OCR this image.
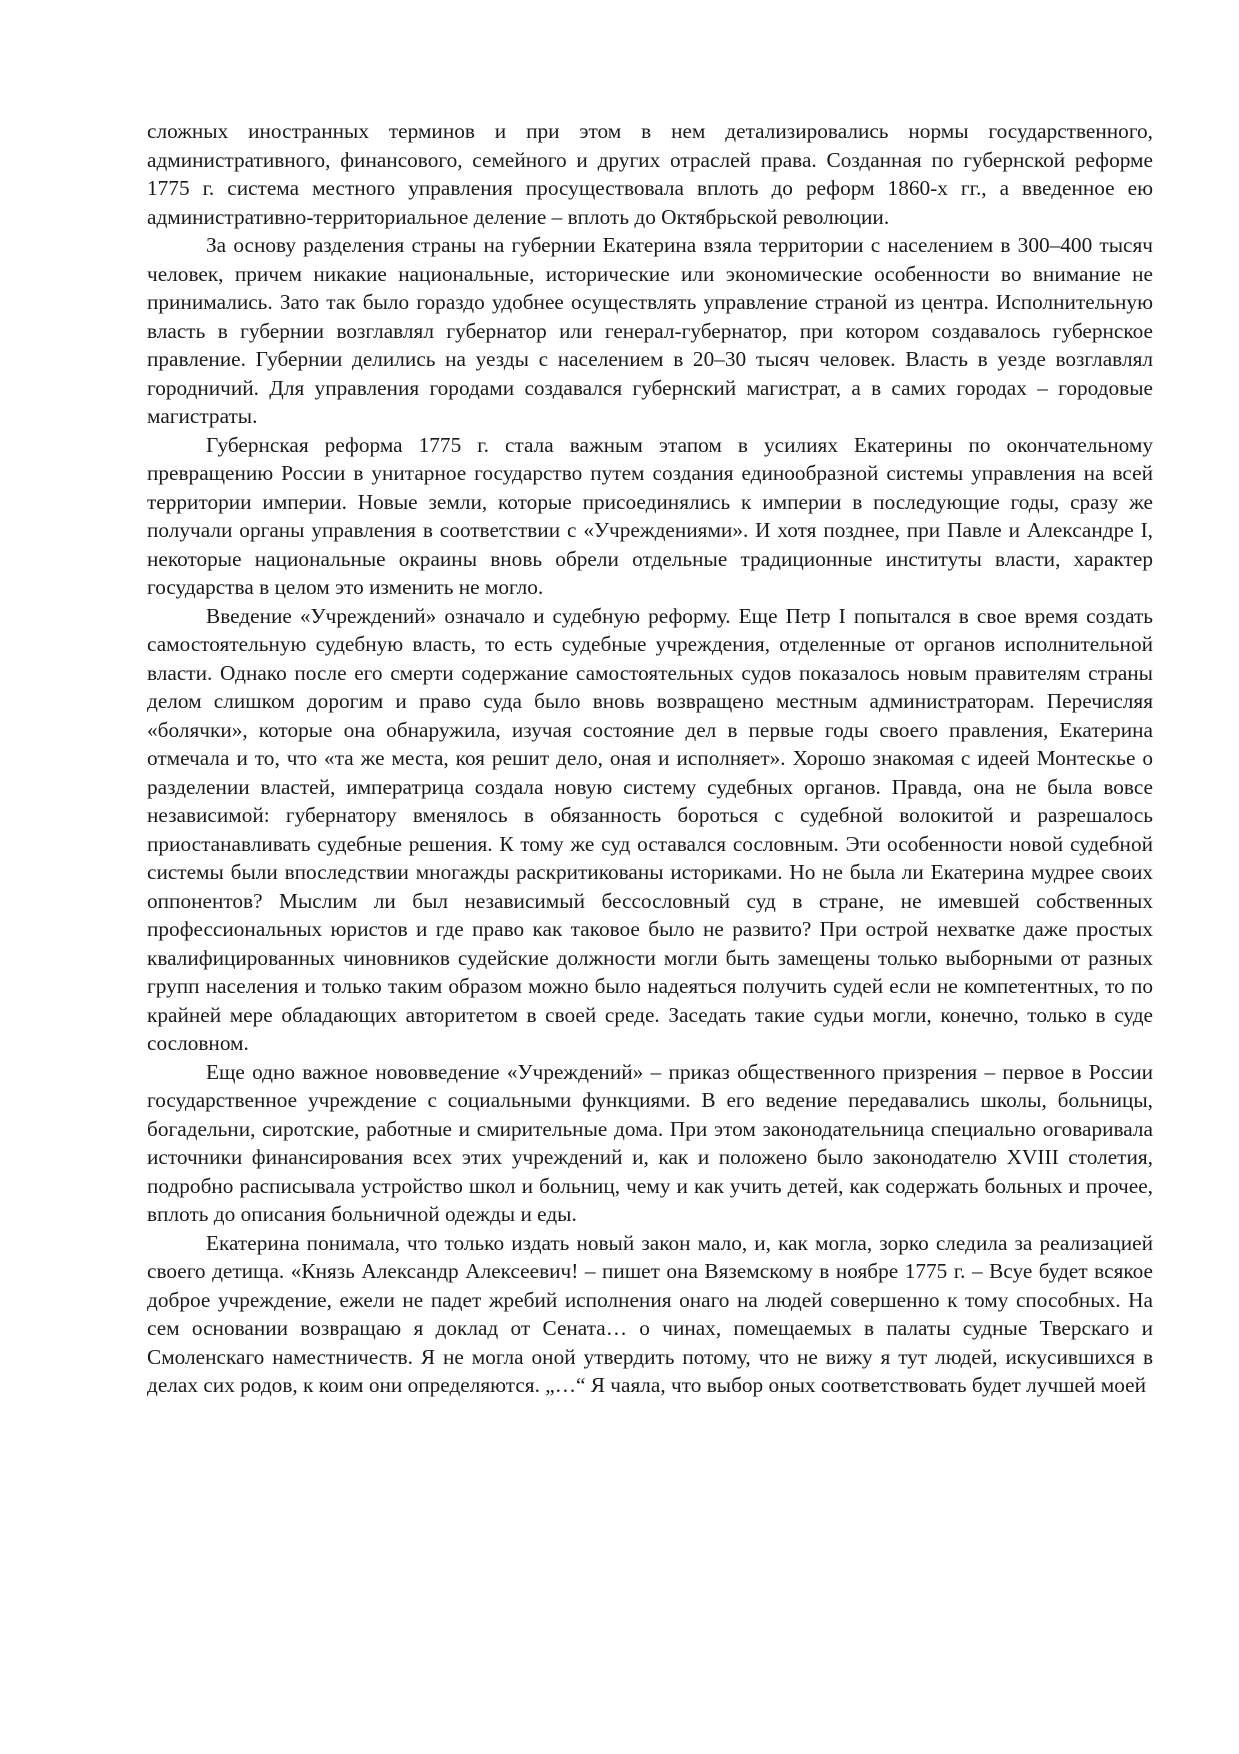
сложных иностранных терминов и при этом в нем детализировались нормы государственного, административного, финансового, семейного и других отраслей права. Созданная по губернской реформе 1775 г. система местного управления просуществовала вплоть до реформ 1860-х гг., а введенное ею административно-территориальное деление – вплоть до Октябрьской революции.

За основу разделения страны на губернии Екатерина взяла территории с населением в 300–400 тысяч человек, причем никакие национальные, исторические или экономические особенности во внимание не принимались. Зато так было гораздо удобнее осуществлять управление страной из центра. Исполнительную власть в губернии возглавлял губернатор или генерал-губернатор, при котором создавалось губернское правление. Губернии делились на уезды с населением в 20–30 тысяч человек. Власть в уезде возглавлял городничий. Для управления городами создавался губернский магистрат, а в самих городах – городовые магистраты.

Губернская реформа 1775 г. стала важным этапом в усилиях Екатерины по окончательному превращению России в унитарное государство путем создания единообразной системы управления на всей территории империи. Новые земли, которые присоединялись к империи в последующие годы, сразу же получали органы управления в соответствии с «Учреждениями». И хотя позднее, при Павле и Александре I, некоторые национальные окраины вновь обрели отдельные традиционные институты власти, характер государства в целом это изменить не могло.

Введение «Учреждений» означало и судебную реформу. Еще Петр I попытался в свое время создать самостоятельную судебную власть, то есть судебные учреждения, отделенные от органов исполнительной власти. Однако после его смерти содержание самостоятельных судов показалось новым правителям страны делом слишком дорогим и право суда было вновь возвращено местным администраторам. Перечисляя «болячки», которые она обнаружила, изучая состояние дел в первые годы своего правления, Екатерина отмечала и то, что «та же места, коя решит дело, оная и исполняет». Хорошо знакомая с идеей Монтескье о разделении властей, императрица создала новую систему судебных органов. Правда, она не была вовсе независимой: губернатору вменялось в обязанность бороться с судебной волокитой и разрешалось приостанавливать судебные решения. К тому же суд оставался сословным. Эти особенности новой судебной системы были впоследствии многажды раскритикованы историками. Но не была ли Екатерина мудрее своих оппонентов? Мыслим ли был независимый бессословный суд в стране, не имевшей собственных профессиональных юристов и где право как таковое было не развито? При острой нехватке даже простых квалифицированных чиновников судейские должности могли быть замещены только выборными от разных групп населения и только таким образом можно было надеяться получить судей если не компетентных, то по крайней мере обладающих авторитетом в своей среде. Заседать такие судьи могли, конечно, только в суде сословном.

Еще одно важное нововведение «Учреждений» – приказ общественного призрения – первое в России государственное учреждение с социальными функциями. В его ведение передавались школы, больницы, богадельни, сиротские, работные и смирительные дома. При этом законодательница специально оговаривала источники финансирования всех этих учреждений и, как и положено было законодателю XVIII столетия, подробно расписывала устройство школ и больниц, чему и как учить детей, как содержать больных и прочее, вплоть до описания больничной одежды и еды.

Екатерина понимала, что только издать новый закон мало, и, как могла, зорко следила за реализацией своего детища. «Князь Александр Алексеевич! – пишет она Вяземскому в ноябре 1775 г. – Всуе будет всякое доброе учреждение, ежели не падет жребий исполнения онаго на людей совершенно к тому способных. На сем основании возвращаю я доклад от Сената… о чинах, помещаемых в палаты судные Тверскаго и Смоленскаго наместничеств. Я не могла оной утвердить потому, что не вижу я тут людей, искусившихся в делах сих родов, к коим они определяются. „…“ Я чаяла, что выбор оных соответствовать будет лучшей моей
